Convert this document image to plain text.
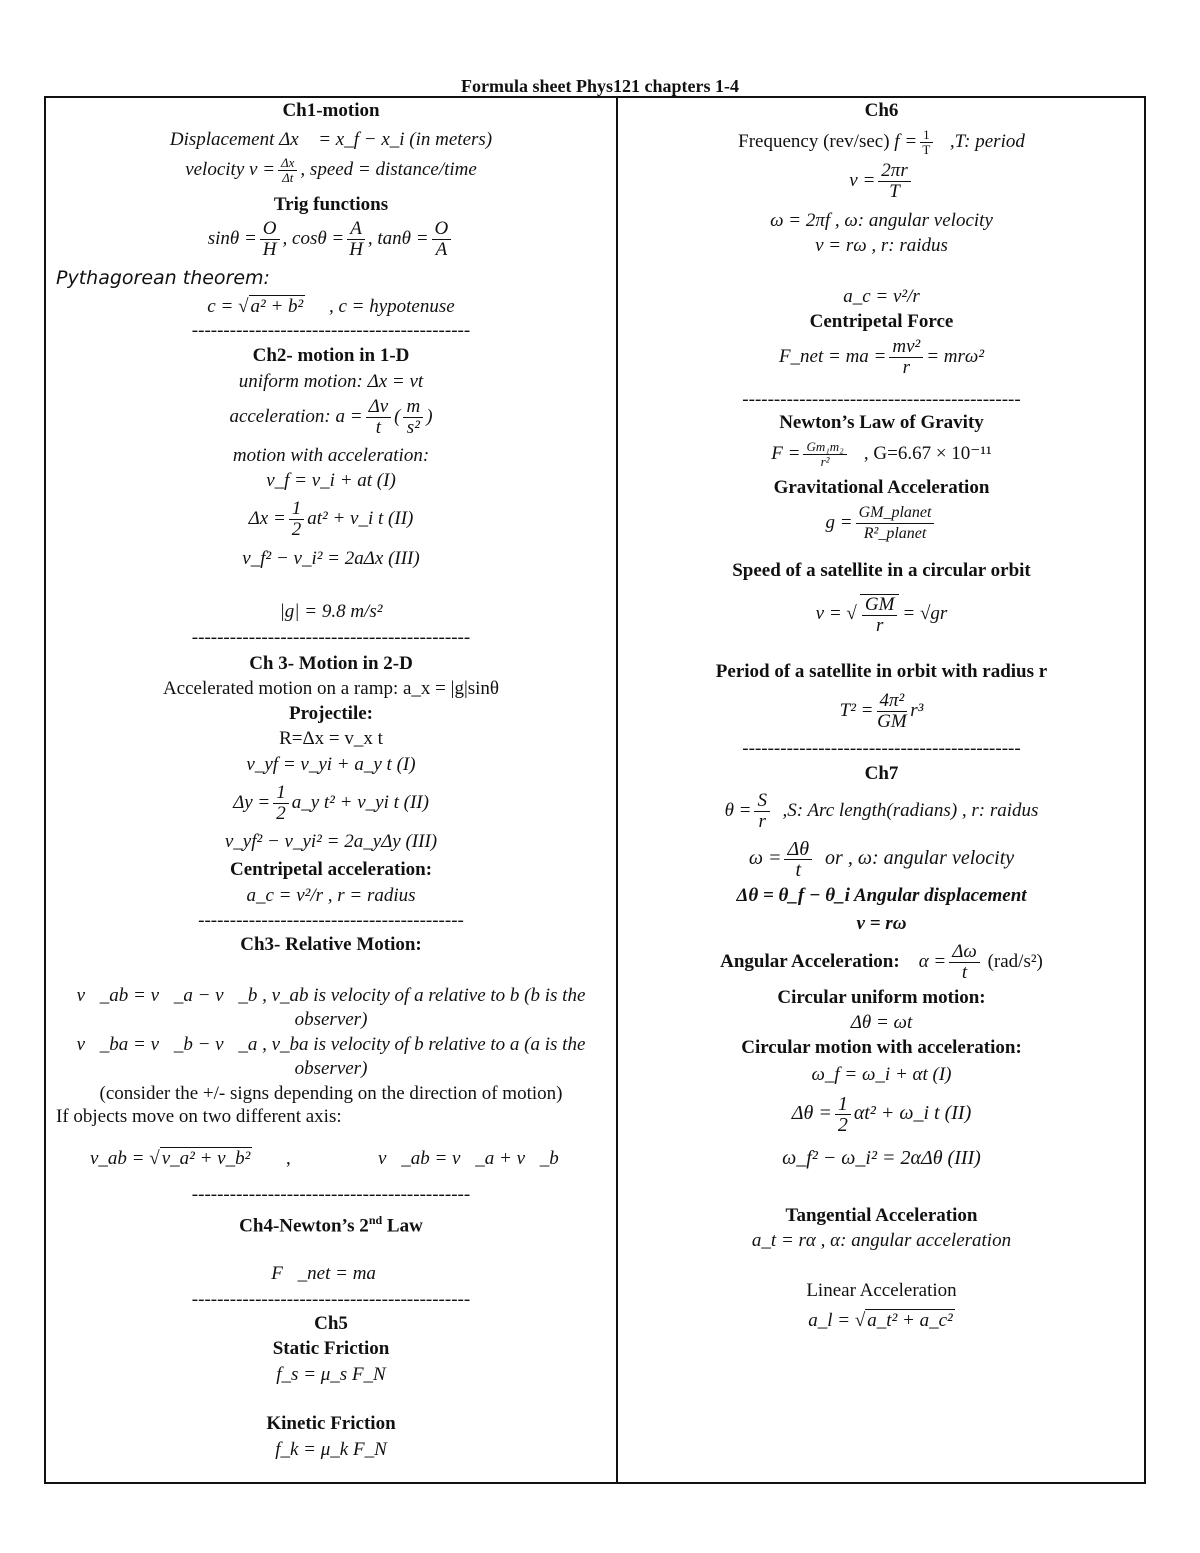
Formula sheet Phys121 chapters 1-4
Ch1-motion
Displacement Δx⃗ = x_f − x_i (in meters)
velocity $v = \frac{\Delta x}{\Delta t}$ , speed = distance/time
Trig functions
$\sin\theta = \frac{O}{H}$ , $\cos\theta = \frac{A}{H}$ , $\tan\theta = \frac{O}{A}$
Pythagorean theorem:
c = √ a² + b² , c = hypotenuse
--------------------------------------------
Ch2- motion in 1-D
uniform motion: Δx = vt
acceleration: $a = \frac{\Delta v}{t}$ ( $\frac{m}{\text{s²}}$ )
motion with acceleration:
v_f = v_i + at (I)
$\Delta x = \frac{1}{2} at^2$ + v_i t (II)
v_f² − v_i² = 2aΔx (III)
|g| = 9.8 m/s²
--------------------------------------------
Ch 3- Motion in 2-D
Accelerated motion on a ramp: a_x = |g|sinθ
Projectile:
R=Δx = v_x t
v_yf = v_yi + a_y t (I)
$\Delta y = \frac{1}{2}$ a_y t² + v_yi t (II)
v_yf² − v_yi² = 2a_yΔy (III)
Centripetal acceleration:
a_c = v²/r , r = radius
------------------------------------------
Ch3- Relative Motion:
v⃗_ab = v⃗_a − v⃗_b , v_ab is velocity of a relative to b (b is the
observer)
v⃗_ba = v⃗_b − v⃗_a , v_ba is velocity of b relative to a (a is the
observer)
(consider the +/- signs depending on the direction of motion)
If objects move on two different axis:
v_ab = √ v_a² + v_b²	,	v⃗_ab = v⃗_a + v⃗_b
--------------------------------------------
Ch4-Newton’s 2nd Law
F⃗_net = ma⃗
--------------------------------------------
Ch5
Static Friction
f_s = μ_s F_N
Kinetic Friction
f_k = μ_k F_N
Ch6
Frequency (rev/sec) $f = \frac{1}{T} ,T$: period
$v = \frac{2\pi r}{T}$
ω = 2πf , ω: angular velocity
v = rω , r: raidus
a_c = v²/r
Centripetal Force
F_net = ma = $\frac{\text{mv²}}{r} = mr\omega^2$
--------------------------------------------
Newton’s Law of Gravity
$F = \frac{\text{Gm₁m₂}}{\text{r²}}$ , G=6.67 × 10⁻¹¹
Gravitational Acceleration
$g = \frac{\text{GM\_planet}}{\text{R²\_planet}}$
Speed of a satellite in a circular orbit
v = √ $\frac{GM}{r} = √gr$
Period of a satellite in orbit with radius r
$T^2 = \frac{\text{4π²}}{GM} r^3$
--------------------------------------------
Ch7
$\theta = \frac{S}{r} ,S$: Arc length(radians) , r: raidus
$\omega = \frac{\Delta\theta}{t}$ or , ω: angular velocity
Δθ = θ_f − θ_i Angular displacement
v = rω
Angular Acceleration: $\alpha = \frac{\Delta\omega}{t} (rad/s^2)$
Circular uniform motion:
Δθ = ωt
Circular motion with acceleration:
ω_f = ω_i + αt (I)
$\Delta\theta = \frac{1}{2} \alpha t^2$ + ω_i t (II)
ω_f² − ω_i² = 2αΔθ (III)
Tangential Acceleration
a_t = rα , α: angular acceleration
Linear Acceleration
a_l = √ a_t² + a_c²
